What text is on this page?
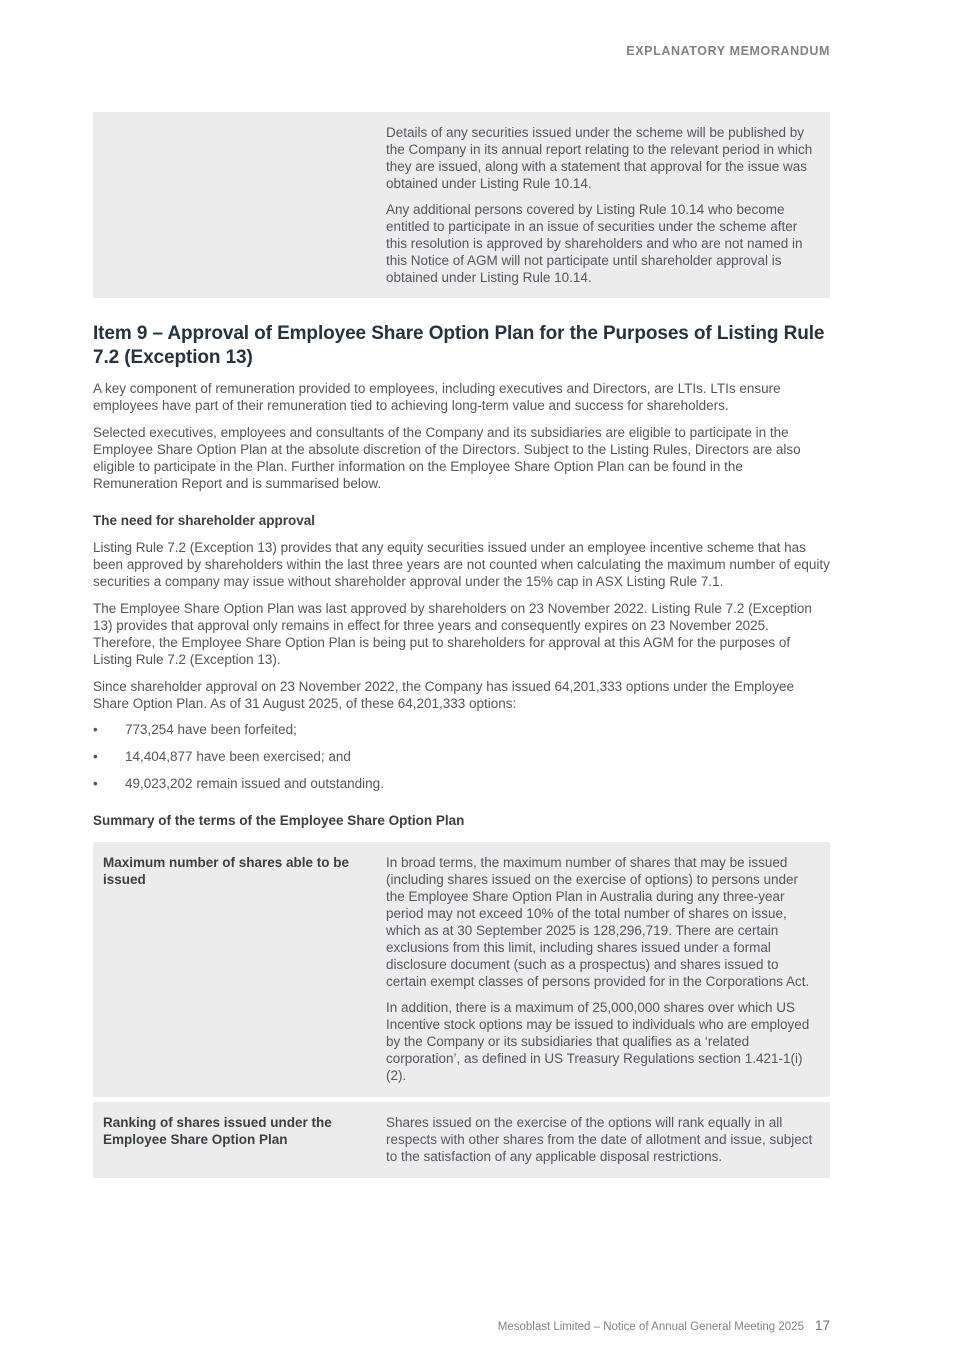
EXPLANATORY MEMORANDUM

Details of any securities issued under the scheme will be published by the Company in its annual report relating to the relevant period in which they are issued, along with a statement that approval for the issue was obtained under Listing Rule 10.14.

Any additional persons covered by Listing Rule 10.14 who become entitled to participate in an issue of securities under the scheme after this resolution is approved by shareholders and who are not named in this Notice of AGM will not participate until shareholder approval is obtained under Listing Rule 10.14.

Item 9 – Approval of Employee Share Option Plan for the Purposes of Listing Rule 7.2 (Exception 13)

A key component of remuneration provided to employees, including executives and Directors, are LTIs. LTIs ensure employees have part of their remuneration tied to achieving long-term value and success for shareholders.

Selected executives, employees and consultants of the Company and its subsidiaries are eligible to participate in the Employee Share Option Plan at the absolute discretion of the Directors. Subject to the Listing Rules, Directors are also eligible to participate in the Plan. Further information on the Employee Share Option Plan can be found in the Remuneration Report and is summarised below.

The need for shareholder approval

Listing Rule 7.2 (Exception 13) provides that any equity securities issued under an employee incentive scheme that has been approved by shareholders within the last three years are not counted when calculating the maximum number of equity securities a company may issue without shareholder approval under the 15% cap in ASX Listing Rule 7.1.

The Employee Share Option Plan was last approved by shareholders on 23 November 2022. Listing Rule 7.2 (Exception 13) provides that approval only remains in effect for three years and consequently expires on 23 November 2025. Therefore, the Employee Share Option Plan is being put to shareholders for approval at this AGM for the purposes of Listing Rule 7.2 (Exception 13).

Since shareholder approval on 23 November 2022, the Company has issued 64,201,333 options under the Employee Share Option Plan. As of 31 August 2025, of these 64,201,333 options:

•	773,254 have been forfeited;
•	14,404,877 have been exercised; and
•	49,023,202 remain issued and outstanding.
Summary of the terms of the Employee Share Option Plan
Maximum number of shares able to be issued

In broad terms, the maximum number of shares that may be issued (including shares issued on the exercise of options) to persons under the Employee Share Option Plan in Australia during any three-year period may not exceed 10% of the total number of shares on issue, which as at 30 September 2025 is 128,296,719. There are certain exclusions from this limit, including shares issued under a formal disclosure document (such as a prospectus) and shares issued to certain exempt classes of persons provided for in the Corporations Act.

In addition, there is a maximum of 25,000,000 shares over which US Incentive stock options may be issued to individuals who are employed by the Company or its subsidiaries that qualifies as a ‘related corporation’, as defined in US Treasury Regulations section 1.421-1(i)(2).

Ranking of shares issued under the Employee Share Option Plan

Shares issued on the exercise of the options will rank equally in all respects with other shares from the date of allotment and issue, subject to the satisfaction of any applicable disposal restrictions.

Mesoblast Limited – Notice of Annual General Meeting 2025 17
